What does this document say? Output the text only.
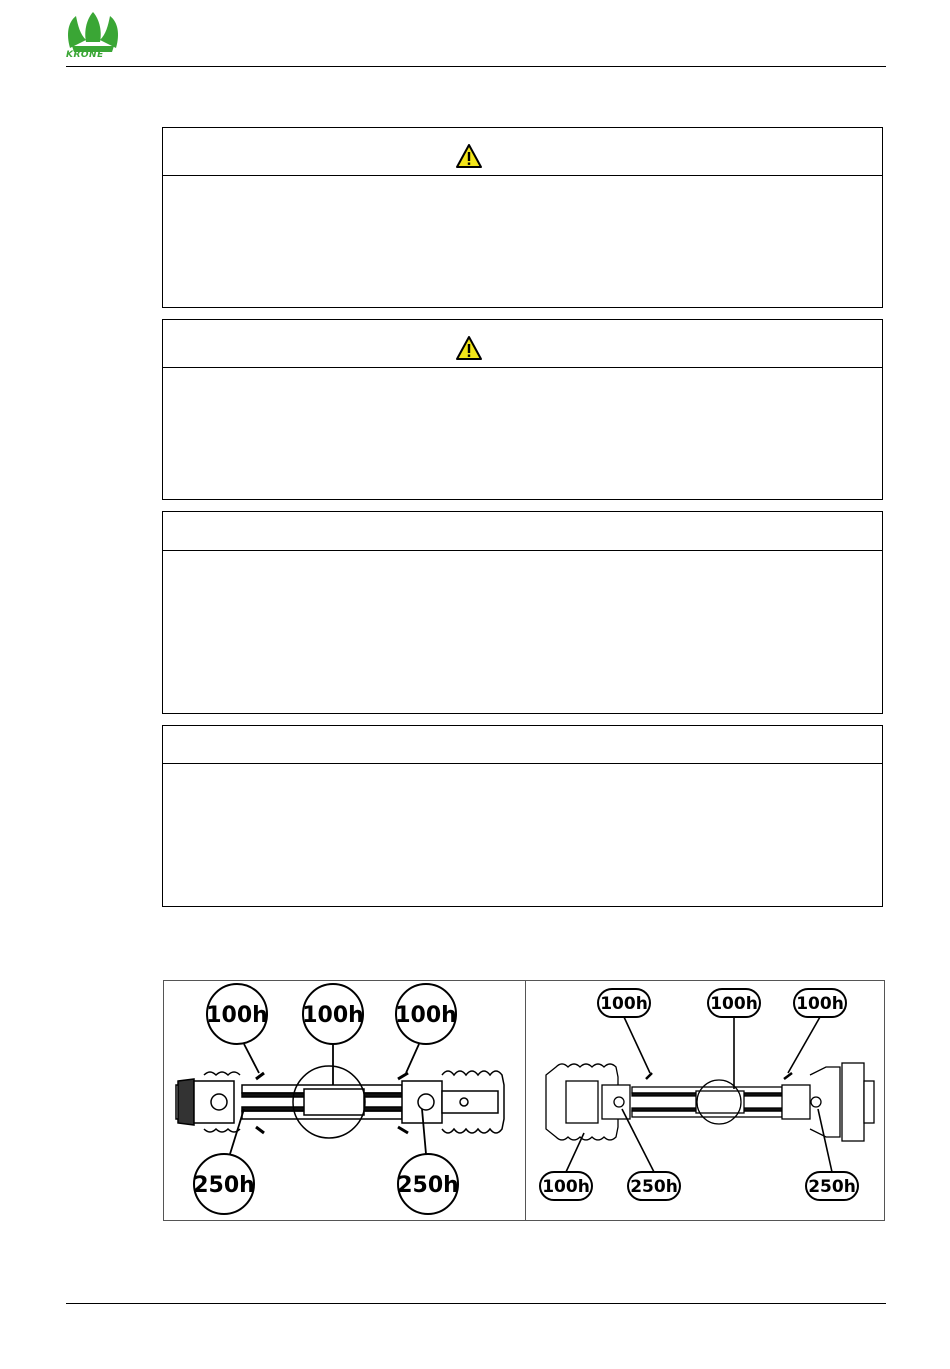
KRONE
100h 100h 100h
250h	250h
100h	100h 100h
100h 250h	250h
